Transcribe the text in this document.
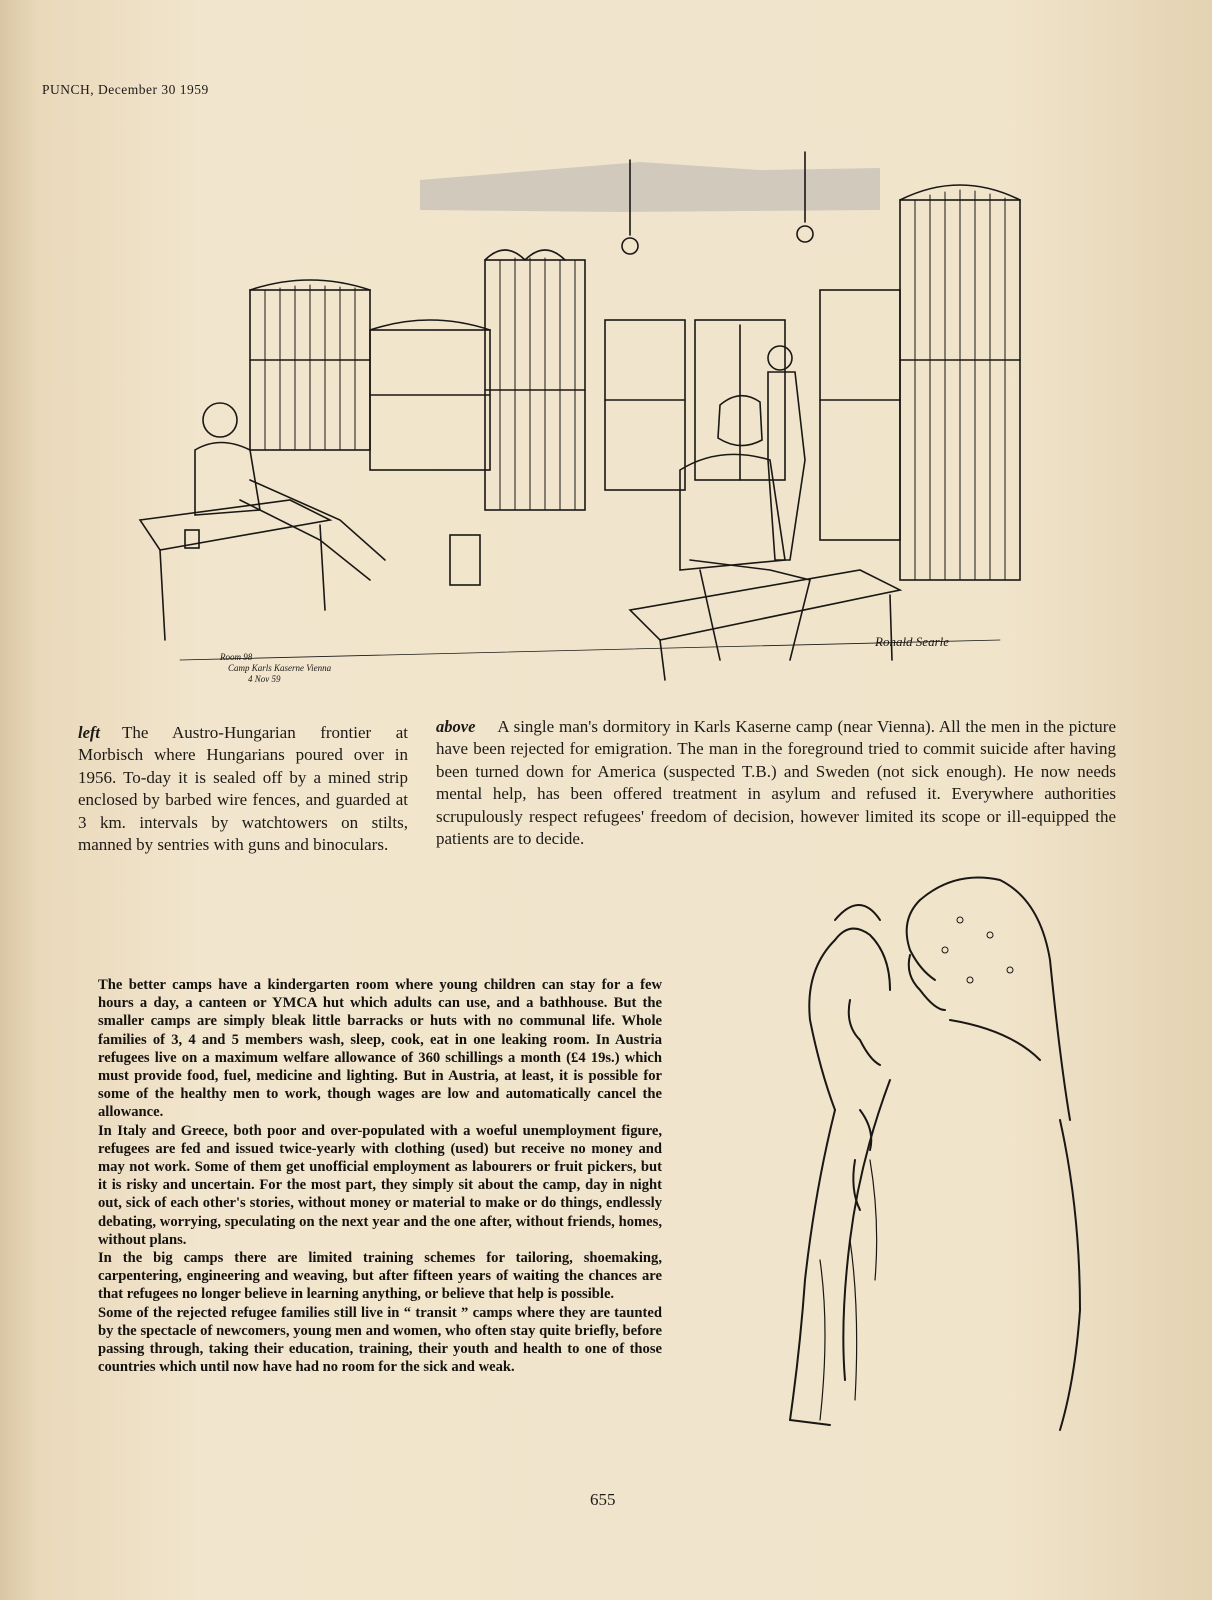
PUNCH, December 30 1959
Ronald Searle
Room 98
Camp Karls Kaserne Vienna
4 Nov 59
left The Austro-Hungarian frontier at Morbisch where Hungarians poured over in 1956. To-day it is sealed off by a mined strip enclosed by barbed wire fences, and guarded at 3 km. intervals by watchtowers on stilts, manned by sentries with guns and binoculars.
above A single man's dormitory in Karls Kaserne camp (near Vienna). All the men in the picture have been rejected for emigration. The man in the foreground tried to commit suicide after having been turned down for America (suspected T.B.) and Sweden (not sick enough). He now needs mental help, has been offered treatment in asylum and refused it. Everywhere authorities scrupulously respect refugees' freedom of decision, however limited its scope or ill-equipped the patients are to decide.

The better camps have a kindergarten room where young children can stay for a few hours a day, a canteen or YMCA hut which adults can use, and a bathhouse. But the smaller camps are simply bleak little barracks or huts with no communal life. Whole families of 3, 4 and 5 members wash, sleep, cook, eat in one leaking room. In Austria refugees live on a maximum welfare allowance of 360 schillings a month (£4 19s.) which must provide food, fuel, medicine and lighting. But in Austria, at least, it is possible for some of the healthy men to work, though wages are low and automatically cancel the allowance.

In Italy and Greece, both poor and over-populated with a woeful unemployment figure, refugees are fed and issued twice-yearly with clothing (used) but receive no money and may not work. Some of them get unofficial employment as labourers or fruit pickers, but it is risky and uncertain. For the most part, they simply sit about the camp, day in night out, sick of each other's stories, without money or material to make or do things, endlessly debating, worrying, speculating on the next year and the one after, without friends, homes, without plans.

In the big camps there are limited training schemes for tailoring, shoemaking, carpentering, engineering and weaving, but after fifteen years of waiting the chances are that refugees no longer believe in learning anything, or believe that help is possible.

Some of the rejected refugee families still live in “ transit ” camps where they are taunted by the spectacle of newcomers, young men and women, who often stay quite briefly, before passing through, taking their education, training, their youth and health to one of those countries which until now have had no room for the sick and weak.

655
